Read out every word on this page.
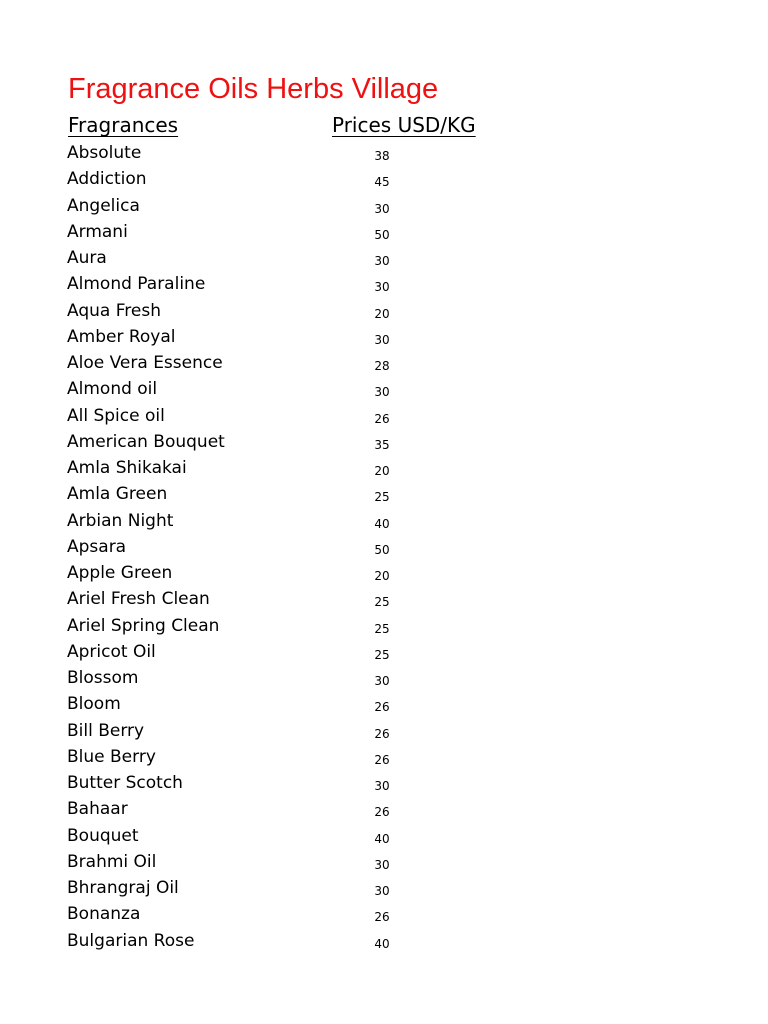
Fragrance Oils Herbs Village
Fragrances	Prices USD/KG
Absolute	38
Addiction	45
Angelica	30
Armani	50
Aura	30
Almond Paraline	30
Aqua Fresh	20
Amber Royal	30
Aloe Vera Essence	28
Almond oil	30
All Spice oil	26
American Bouquet	35
Amla Shikakai	20
Amla Green	25
Arbian Night	40
Apsara	50
Apple Green	20
Ariel Fresh Clean	25
Ariel Spring Clean	25
Apricot Oil	25
Blossom	30
Bloom	26
Bill Berry	26
Blue Berry	26
Butter Scotch	30
Bahaar	26
Bouquet	40
Brahmi Oil	30
Bhrangraj Oil	30
Bonanza	26
Bulgarian Rose	40
